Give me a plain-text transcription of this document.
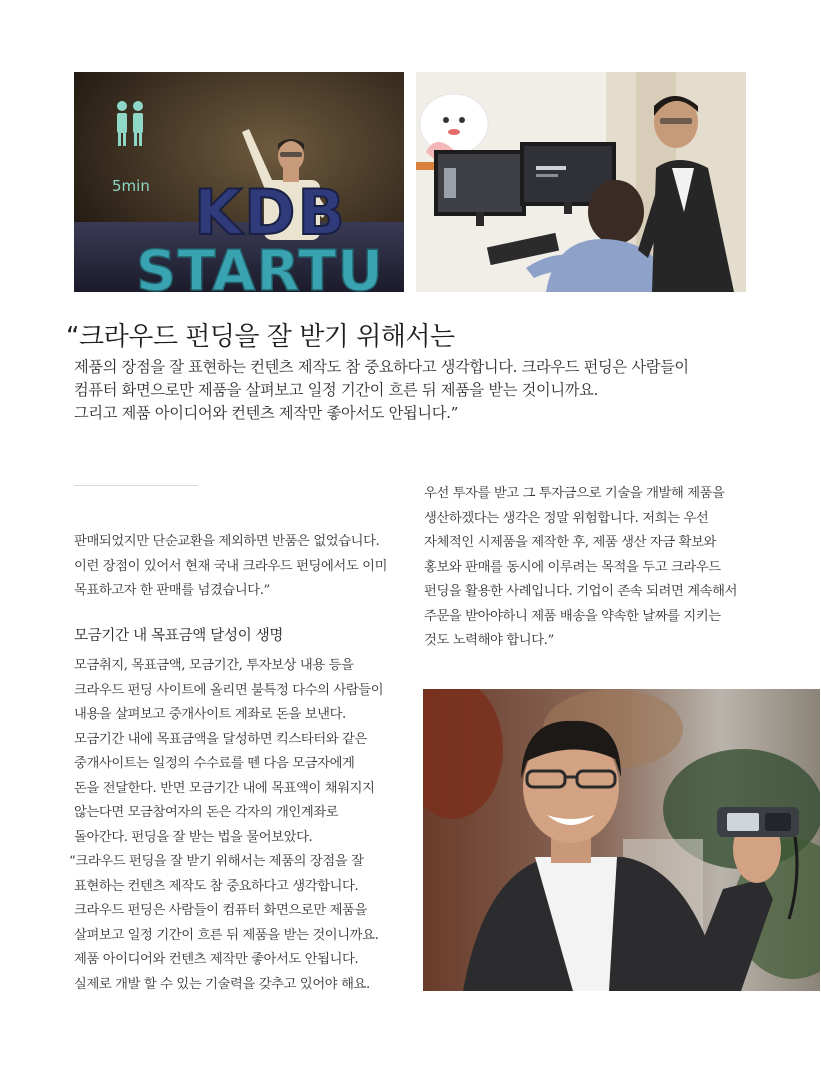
5min KDB
STARTU
“크라우드 펀딩을 잘 받기 위해서는

제품의 장점을 잘 표현하는 컨텐츠 제작도 참 중요하다고 생각합니다. 크라우드 펀딩은 사람들이

컴퓨터 화면으로만 제품을 살펴보고 일정 기간이 흐른 뒤 제품을 받는 것이니까요.

그리고 제품 아이디어와 컨텐츠 제작만 좋아서도 안됩니다.”

판매되었지만 단순교환을 제외하면 반품은 없었습니다.

이런 장점이 있어서 현재 국내 크라우드 펀딩에서도 이미

목표하고자 한 판매를 넘겼습니다.”

모금기간 내 목표금액 달성이 생명

모금취지, 목표금액, 모금기간, 투자보상 내용 등을

크라우드 펀딩 사이트에 올리면 불특정 다수의 사람들이

내용을 살펴보고 중개사이트 계좌로 돈을 보낸다.

모금기간 내에 목표금액을 달성하면 킥스타터와 같은

중개사이트는 일정의 수수료를 뗀 다음 모금자에게

돈을 전달한다. 반면 모금기간 내에 목표액이 채워지지

않는다면 모금참여자의 돈은 각자의 개인계좌로

돌아간다. 펀딩을 잘 받는 법을 물어보았다.

“크라우드 펀딩을 잘 받기 위해서는 제품의 장점을 잘

표현하는 컨텐츠 제작도 참 중요하다고 생각합니다.

크라우드 펀딩은 사람들이 컴퓨터 화면으로만 제품을

살펴보고 일정 기간이 흐른 뒤 제품을 받는 것이니까요.

제품 아이디어와 컨텐츠 제작만 좋아서도 안됩니다.

실제로 개발 할 수 있는 기술력을 갖추고 있어야 해요.

우선 투자를 받고 그 투자금으로 기술을 개발해 제품을

생산하겠다는 생각은 정말 위험합니다. 저희는 우선

자체적인 시제품을 제작한 후, 제품 생산 자금 확보와

홍보와 판매를 동시에 이루려는 목적을 두고 크라우드

펀딩을 활용한 사례입니다. 기업이 존속 되려면 계속해서

주문을 받아야하니 제품 배송을 약속한 날짜를 지키는

것도 노력해야 합니다.”
